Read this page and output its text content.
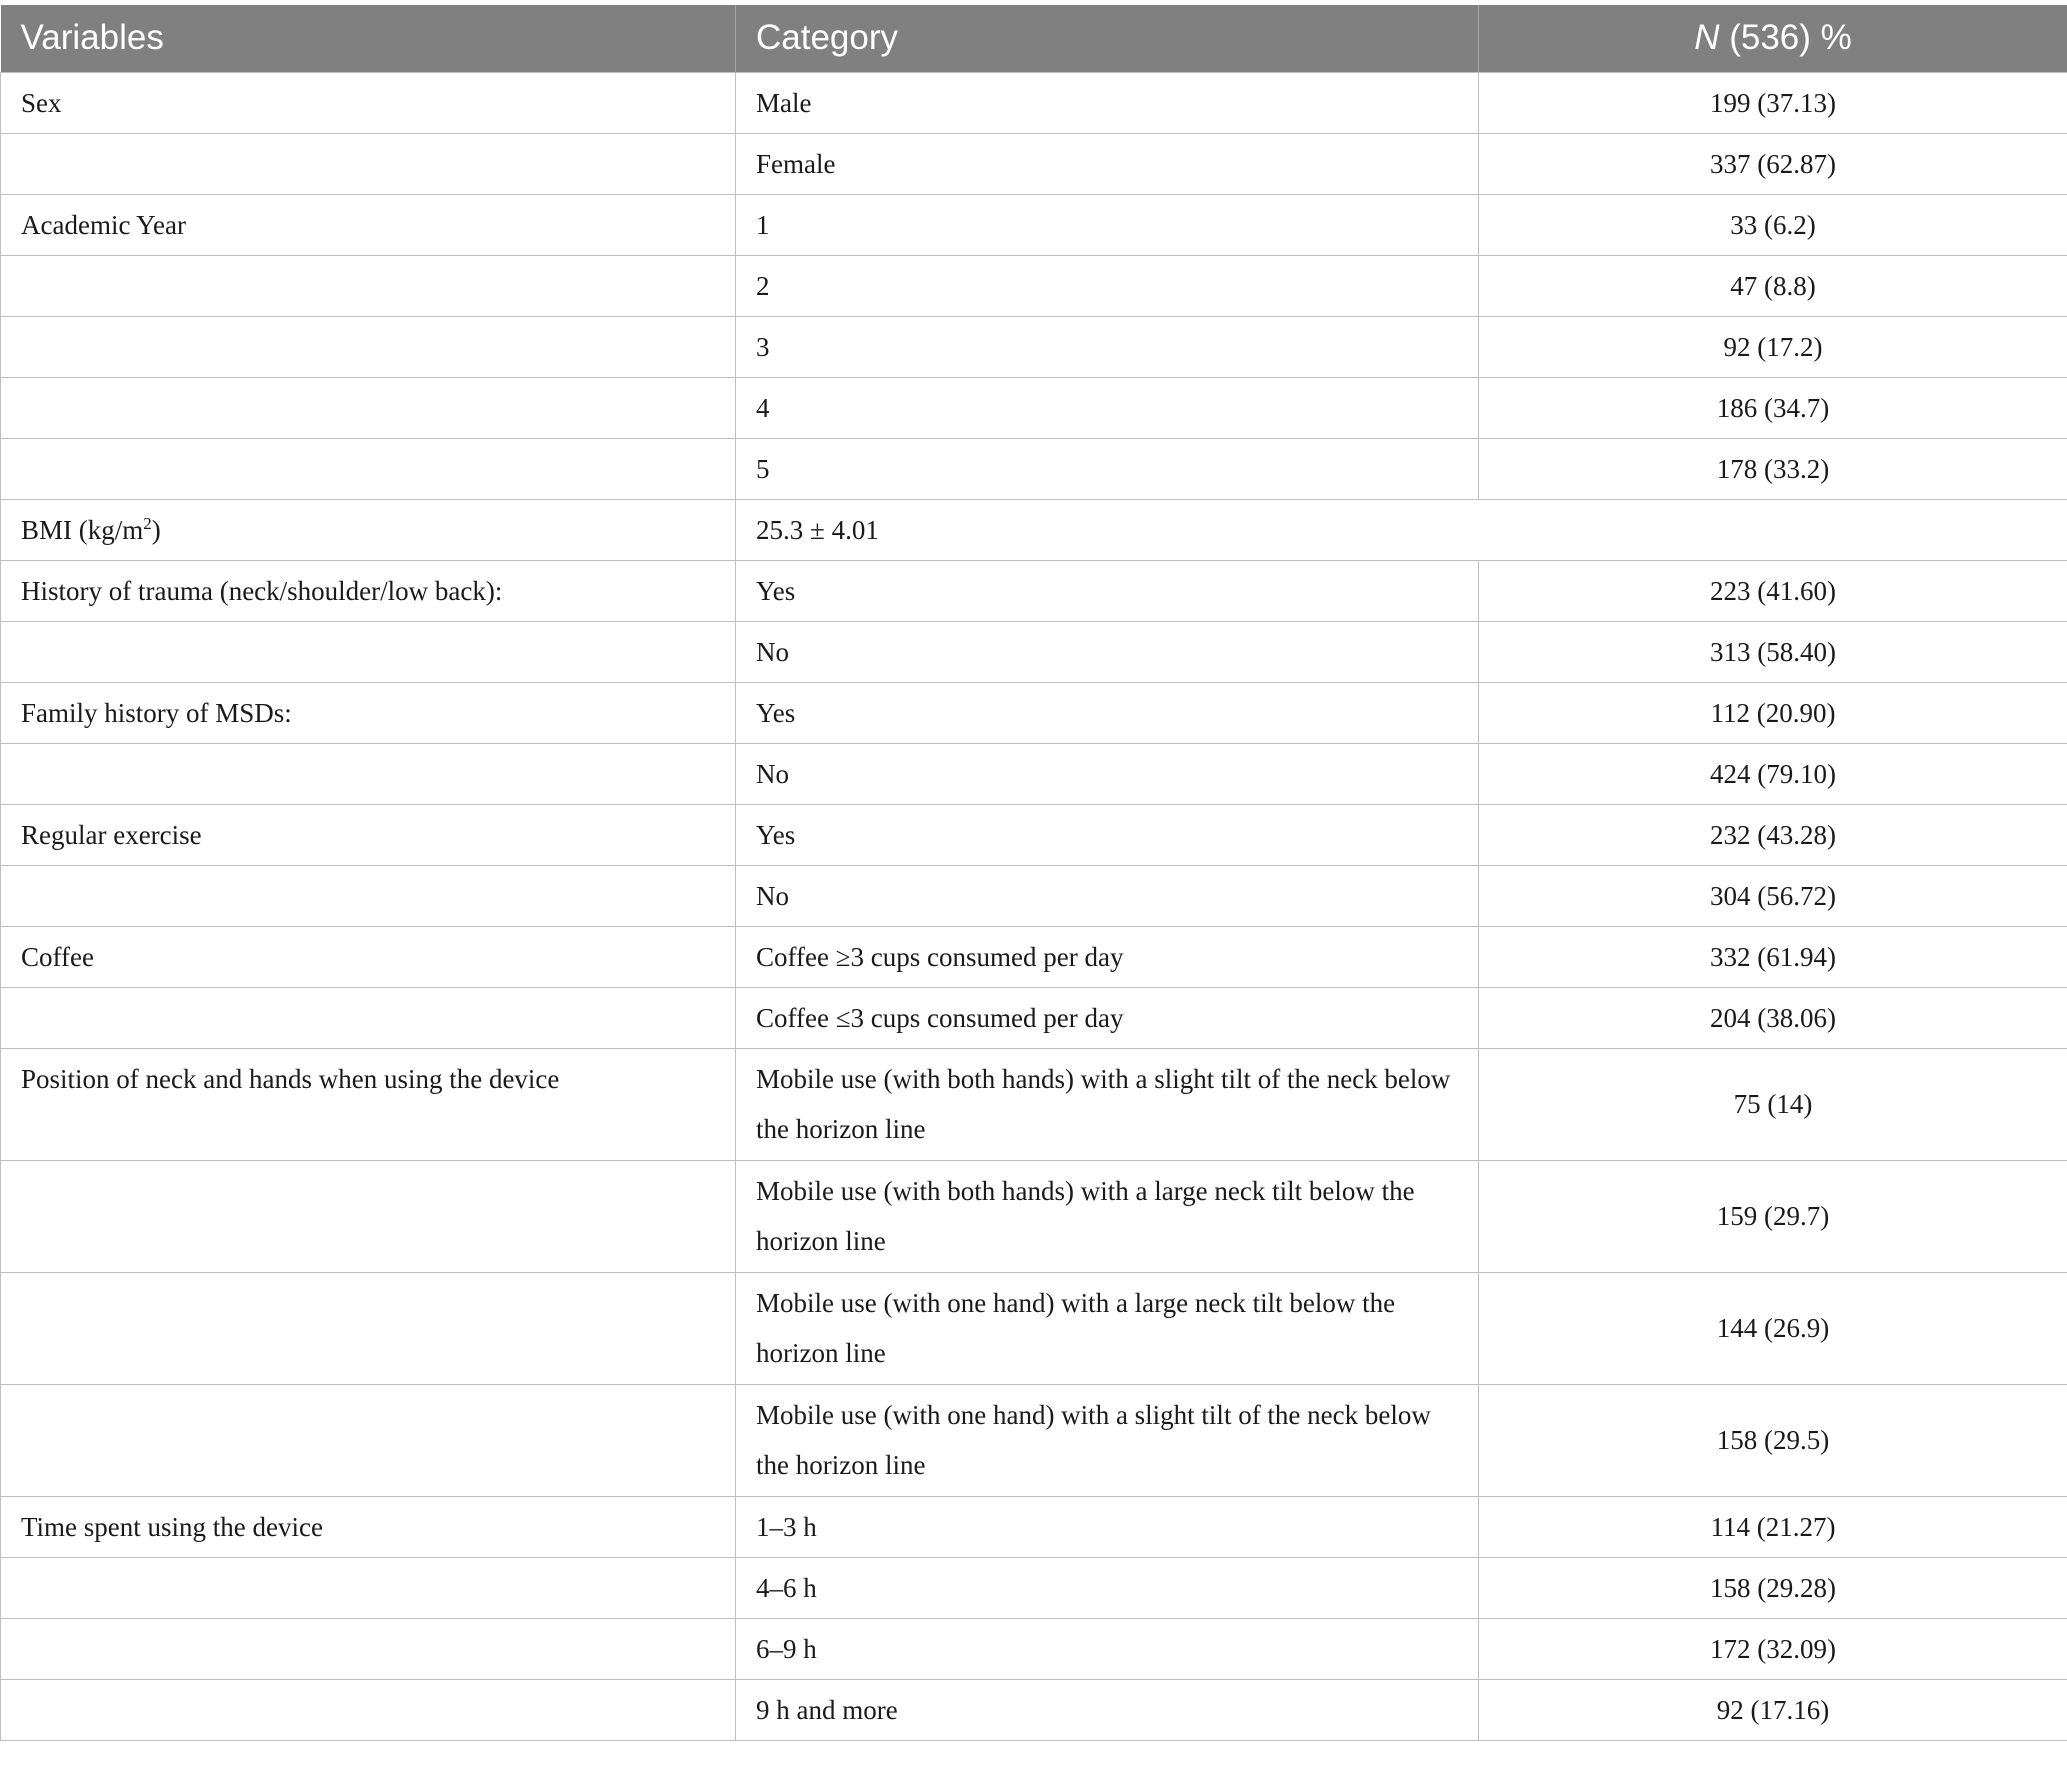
Variables	Category	N (536) %
Sex	Male	199 (37.13)
	Female	337 (62.87)
Academic Year	1	33 (6.2)
	2	47 (8.8)
	3	92 (17.2)
	4	186 (34.7)
	5	178 (33.2)
BMI $(kg/m^2)$	25.3 ± 4.01	
History of trauma (neck/shoulder/low back):	Yes	223 (41.60)
	No	313 (58.40)
Family history of MSDs:	Yes	112 (20.90)
	No	424 (79.10)
Regular exercise	Yes	232 (43.28)
	No	304 (56.72)
Coffee	Coffee ≥3 cups consumed per day	332 (61.94)
	Coffee ≤3 cups consumed per day	204 (38.06)
Position of neck and hands when using the device	Mobile use (with both hands) with a slight tilt of the neck below the horizon line	75 (14)
	Mobile use (with both hands) with a large neck tilt below the horizon line	159 (29.7)
	Mobile use (with one hand) with a large neck tilt below the horizon line	144 (26.9)
	Mobile use (with one hand) with a slight tilt of the neck below the horizon line	158 (29.5)
Time spent using the device	1–3 h	114 (21.27)
	4–6 h	158 (29.28)
	6–9 h	172 (32.09)
	9 h and more	92 (17.16)
